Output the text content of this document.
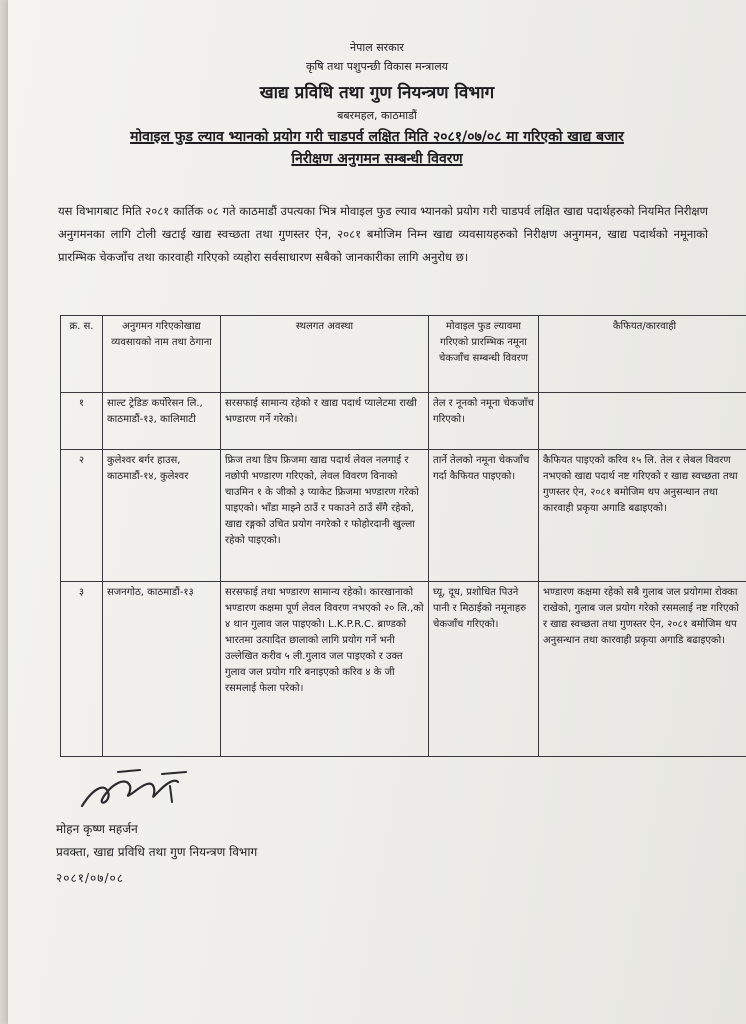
नेपाल सरकार
कृषि तथा पशुपन्छी विकास मन्त्रालय
खाद्य प्रविधि तथा गुण नियन्त्रण विभाग
बबरमहल, काठमाडौं
मोवाइल फुड ल्याव भ्यानको प्रयोग गरी चाडपर्व लक्षित मिति २०८१/०७/०८ मा गरिएको खाद्य बजार
निरीक्षण अनुगमन सम्बन्धी विवरण
यस विभागबाट मिति २०८१ कार्तिक ०८ गते काठमाडौं उपत्यका भित्र मोवाइल फुड ल्याव भ्यानको प्रयोग गरी चाडपर्व लक्षित खाद्य पदार्थहरुको नियमित निरीक्षण अनुगमनका लागि टोली खटाई खाद्य स्वच्छता तथा गुणस्तर ऐन, २०८१ बमोजिम निम्न खाद्य व्यवसायहरुको निरीक्षण अनुगमन, खाद्य पदार्थको नमूनाको प्रारम्भिक चेकजाँच तथा कारवाही गरिएको व्यहोरा सर्वसाधारण सबैको जानकारीका लागि अनुरोध छ।
क्र. स.	अनुगमन गरिएकोखाद्य व्यवसायको नाम तथा ठेगाना	स्थलगत अवस्था	मोवाइल फुड ल्यावमा गरिएको प्रारम्भिक नमूना चेकजाँच सम्बन्धी विवरण	कैफियत/कारवाही
१	साल्ट ट्रेडिङ कर्पोरेसन लि., काठमाडौं-१३, कालिमाटी	सरसफाई सामान्य रहेको र खाद्य पदार्थ प्यालेटमा राखी भण्डारण गर्ने गरेको।	तेल र नूनको नमूना चेकजाँच गरिएको।	
२	कुलेश्वर बर्गर हाउस, काठमाडौं-१४, कुलेश्वर	फ्रिज तथा डिप फ्रिजमा खाद्य पदार्थ लेवल नलगाई र नछोपी भण्डारण गरिएको, लेवल विवरण विनाको चाउमिन १ के जीको ३ प्याकेट फ्रिजमा भण्डारण गरेको पाइएको। भाँडा माझ्ने ठाउँ र पकाउने ठाउँ सँगै रहेको, खाद्य रङ्गको उचित प्रयोग नगरेको र फोहोरदानी खुल्ला रहेको पाइएको।	तार्ने तेलको नमूना चेकजाँच गर्दा कैफियत पाइएको।	कैफियत पाइएको करिव १५ लि. तेल र लेबल विवरण नभएको खाद्य पदार्थ नष्ट गरिएको र खाद्य स्वच्छता तथा गुणस्तर ऐन, २०८१ बमोजिम थप अनुसन्धान तथा कारवाही प्रकृया अगाडि बढाइएको।
३	सजनगोठ, काठमाडौं-१३	सरसफाई तथा भण्डारण सामान्य रहेको। कारखानाको भण्डारण कक्षमा पूर्ण लेवल विवरण नभएको २० लि.,को ४ थान गुलाव जल पाइएको। L.K.P.R.C. ब्राण्डको भारतमा उत्पादित छालाको लागि प्रयोग गर्ने भनी उल्लेखित करीव ५ ली.गुलाव जल पाइएको र उक्त गुलाव जल प्रयोग गरि बनाइएको करिव ४ के जी रसमलाई फेला परेको।	घ्यू, दूध, प्रशोधित पिउने पानी र मिठाईको नमूनाहरु चेकजाँच गरिएको।	भण्डारण कक्षमा रहेको सबै गुलाब जल प्रयोगमा रोक्का राखेको, गुलाब जल प्रयोग गरेको रसमलाई नष्ट गरिएको र खाद्य स्वच्छता तथा गुणस्तर ऐन, २०८१ बमोजिम थप अनुसन्धान तथा कारवाही प्रकृया अगाडि बढाइएको।
मोहन कृष्ण महर्जन
प्रवक्ता, खाद्य प्रविधि तथा गुण नियन्त्रण विभाग
२०८१/०७/०८
